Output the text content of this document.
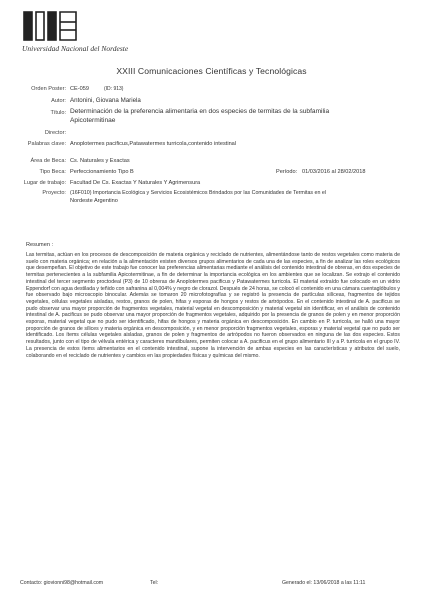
Universidad Nacional del Nordeste
XXIII Comunicaciones Científicas y Tecnológicas
Orden Poster: CE-059	(ID: 913)
Autor: Antonini, Giovana Mariela
Título: Determinación de la preferencia alimentaria en dos especies de termitas de la subfamilia
Apicotermitinae
Director:
Palabras clave: Anoplotermes pacificus,Patawatermes turricola,contenido intestinal
Área de Beca: Cs. Naturales y Exactas
Tipo Beca: Perfeccionamiento Tipo B	Período: 01/03/2016 al 28/02/2018
Lugar de trabajo: Facultad De Cs. Exactas Y Naturales Y Agrimensura
Proyecto: (16F010) Importancia Ecológica y Servicios Ecosistémicos Brindados por las Comunidades de Termitas en el
Nordeste Argentino
Resumen :
Las termitas, actúan en los procesos de descomposición de materia orgánica y reciclado de nutrientes, alimentándose tanto de restos vegetales como materia de suelo con materia orgánica; en relación a la alimentación existen diversos grupos alimentarios de cada una de las especies, a fin de analizar las roles ecológicos que desempeñan. El objetivo de este trabajo fue conocer las preferencias alimentarias mediante el análisis del contenido intestinal de obreras, en dos especies de termitas pertenecientes a la subfamilia Apicotermitinae, a fin de determinar la importancia ecológica en los ambientes que se localizan. Se extrajo el contenido intestinal del tercer segmento proctodeal (P3) de 10 obreras de Anoplotermes pacificus y Patawatermes turricola. El material extraído fue colocado en un vidrio Eppendorf con agua destilada y teñido con safranina al 0,004% y negro de clorazol. Después de 24 horas, se colocó el contenido en una cámara cuentaglóbulos y fue observado bajo microscopio binocular. Además se tomaron 20 microfotografías y se registró la presencia de partículas silíceas, fragmentos de tejidos vegetales, células vegetales aisladas, restos, granos de polen, hifas y esporas de hongos y restos de artrópodos. En el contenido intestinal de A. pacificus se pudo observar una mayor proporción de fragmentos vegetales, material vegetal en descomposición y material vegetal sin identificar, en el análisis de contenido intestinal de A. pacificus se pudo observar una mayor proporción de fragmentos vegetales, adquirido por la presencia de granos de polen y en menor proporción esporas, material vegetal que no pudo ser identificado, hifas de hongos y materia orgánica en descomposición. En cambio en P. turricola, se halló una mayor proporción de granos de sílices y materia orgánica en descomposición, y en menor proporción fragmentos vegetales, esporas y material vegetal que no pudo ser identificado. Los ítems células vegetales aisladas, granos de polen y fragmentos de artrópodos no fueron observados en ninguna de las dos especies. Estos resultados, junto con el tipo de vélvula entérica y caracteres mandibulares, permiten colocar a A. pacificus en el grupo alimentario III y a P. turricola en el grupo IV. La presencia de estos ítems alimentarios en el contenido intestinal, supone la intervención de ambas especies en las características y atributos del suelo, colaborando en el reciclado de nutrientes y cambios en las propiedades físicas y químicas del mismo.
Contacto: giovionni98@hotmail.com	Tel:	Generado el: 13/06/2018 a las 11:11
